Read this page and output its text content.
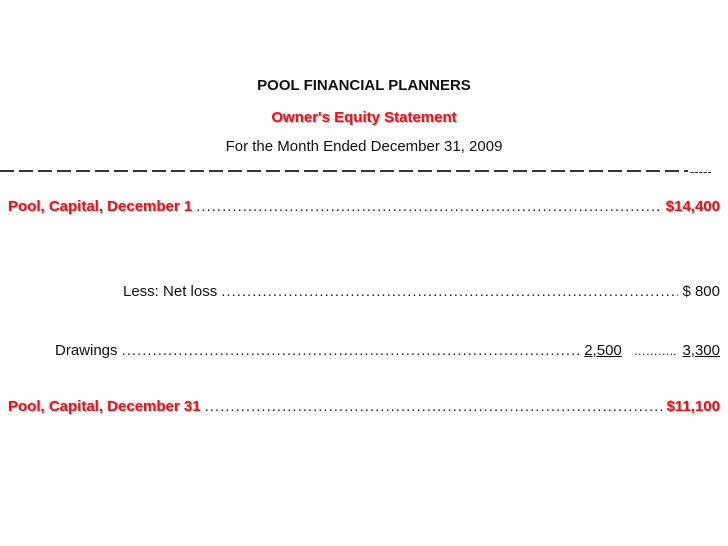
POOL FINANCIAL PLANNERS
Owner's Equity Statement
For the Month Ended December 31, 2009
-----
Pool, Capital, December 1 .....	$14,400
Less: Net loss .....	$ 800
Drawings .....	2,500 ……….. 3,300
Pool, Capital, December 31 .....	$11,100
